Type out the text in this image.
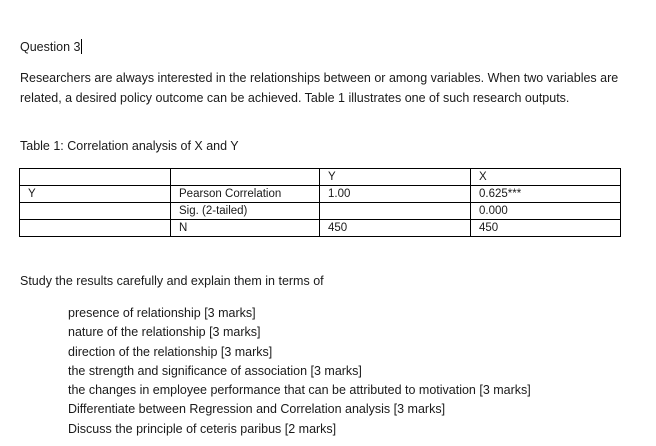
Question 3
Researchers are always interested in the relationships between or among variables. When two variables are related, a desired policy outcome can be achieved. Table 1 illustrates one of such research outputs.
Table 1: Correlation analysis of X and Y
		Y	X
Y	Pearson Correlation	1.00	0.625***
	Sig. (2-tailed)		0.000
	N	450	450
Study the results carefully and explain them in terms of
presence of relationship [3 marks]
nature of the relationship [3 marks]
direction of the relationship [3 marks]
the strength and significance of association [3 marks]
the changes in employee performance that can be attributed to motivation [3 marks]
Differentiate between Regression and Correlation analysis [3 marks]
Discuss the principle of ceteris paribus [2 marks]
